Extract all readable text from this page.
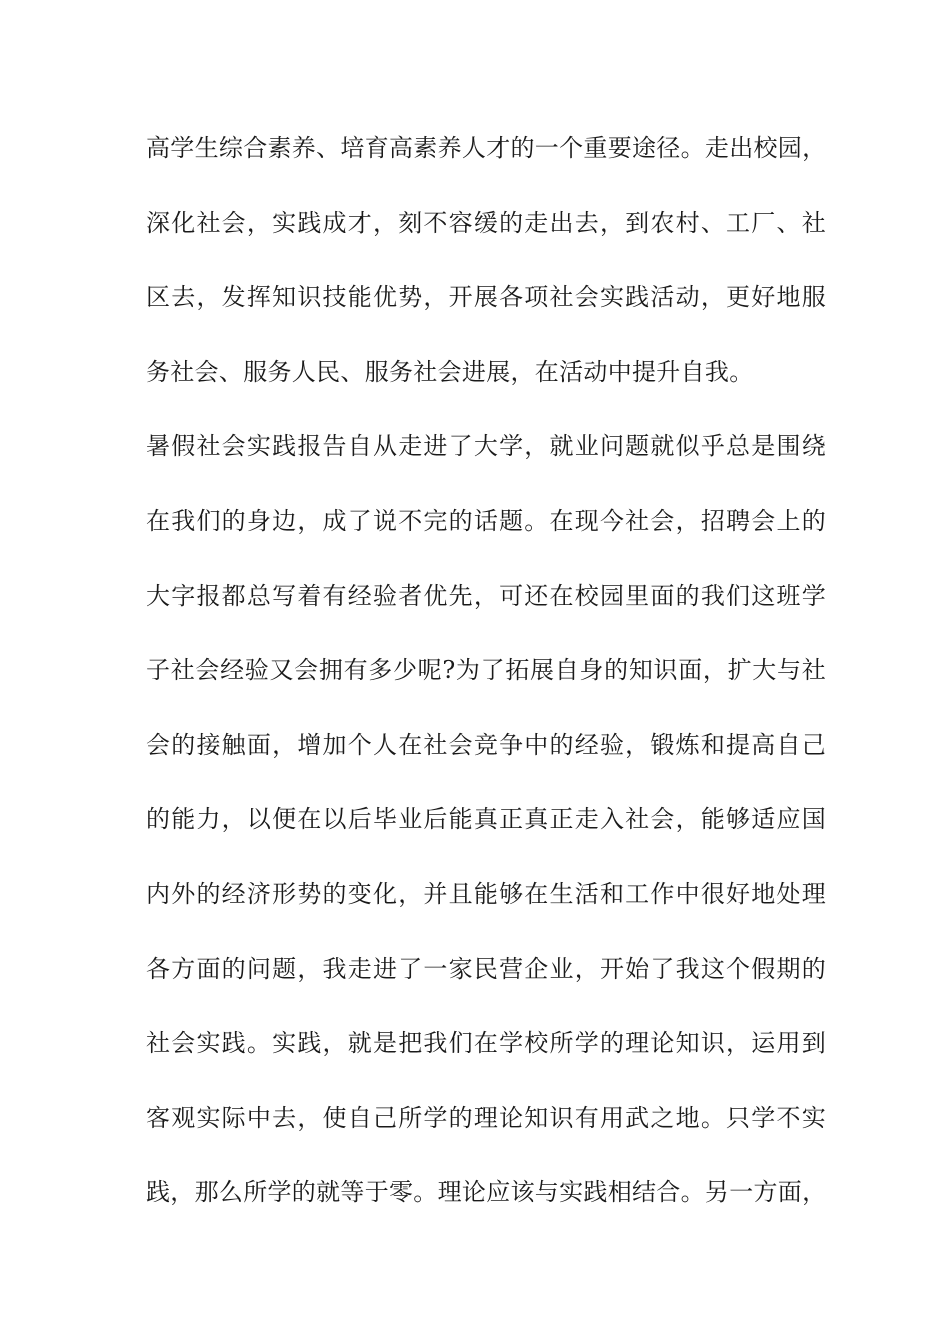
高学生综合素养、培育高素养人才的一个重要途径。走出校园，
深化社会，实践成才，刻不容缓的走出去，到农村、工厂、社
区去，发挥知识技能优势，开展各项社会实践活动，更好地服
务社会、服务人民、服务社会进展，在活动中提升自我。
暑假社会实践报告自从走进了大学，就业问题就似乎总是围绕
在我们的身边，成了说不完的话题。在现今社会，招聘会上的
大字报都总写着有经验者优先，可还在校园里面的我们这班学
子社会经验又会拥有多少呢?为了拓展自身的知识面，扩大与社
会的接触面，增加个人在社会竞争中的经验，锻炼和提高自己
的能力，以便在以后毕业后能真正真正走入社会，能够适应国
内外的经济形势的变化，并且能够在生活和工作中很好地处理
各方面的问题，我走进了一家民营企业，开始了我这个假期的
社会实践。实践，就是把我们在学校所学的理论知识，运用到
客观实际中去，使自己所学的理论知识有用武之地。只学不实
践，那么所学的就等于零。理论应该与实践相结合。另一方面，
